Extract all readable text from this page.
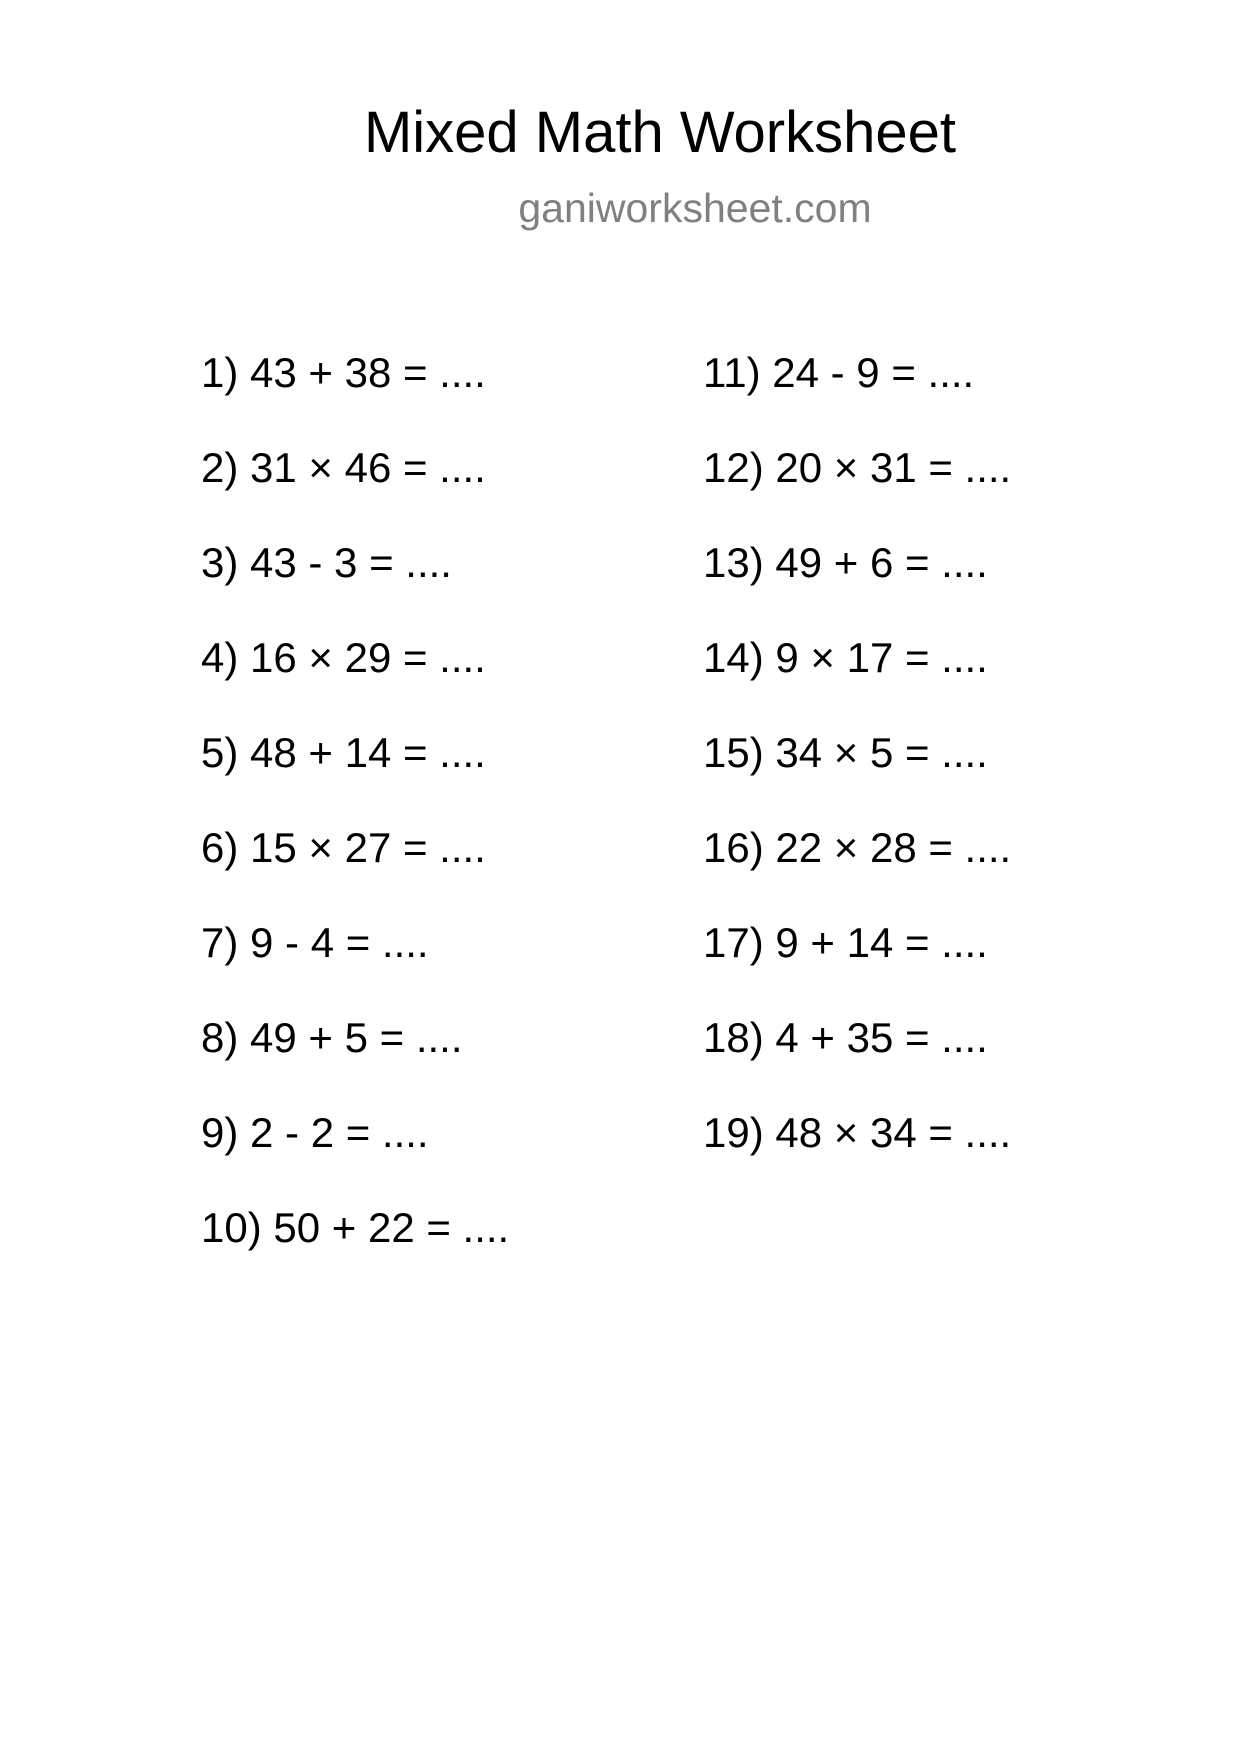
Mixed Math Worksheet
ganiworksheet.com
1) 43 + 38 = ....
2) 31 × 46 = ....
3) 43 - 3 = ....
4) 16 × 29 = ....
5) 48 + 14 = ....
6) 15 × 27 = ....
7) 9 - 4 = ....
8) 49 + 5 = ....
9) 2 - 2 = ....
10) 50 + 22 = ....
11) 24 - 9 = ....
12) 20 × 31 = ....
13) 49 + 6 = ....
14) 9 × 17 = ....
15) 34 × 5 = ....
16) 22 × 28 = ....
17) 9 + 14 = ....
18) 4 + 35 = ....
19) 48 × 34 = ....
